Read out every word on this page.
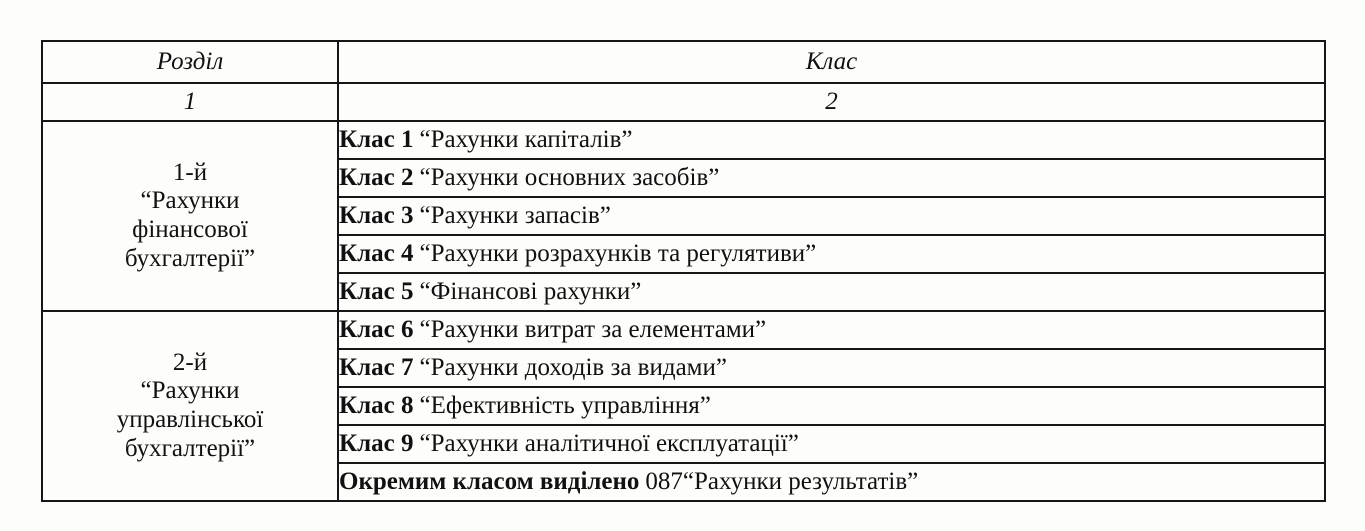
Розділ	Клас
1	2

1-й
“Рахунки
фінансової
бухгалтерії”	Клас 1 “Рахунки капіталів”
	Клас 2 “Рахунки основних засобів”
	Клас 3 “Рахунки запасів”
	Клас 4 “Рахунки розрахунків та регулятиви”
	Клас 5 “Фінансові рахунки”

2-й
“Рахунки
управлінської
бухгалтерії”	Клас 6 “Рахунки витрат за елементами”
	Клас 7 “Рахунки доходів за видами”
	Клас 8 “Ефективність управління”
	Клас 9 “Рахунки аналітичної експлуатації”
	Окремим класом виділено 087“Рахунки результатів”
